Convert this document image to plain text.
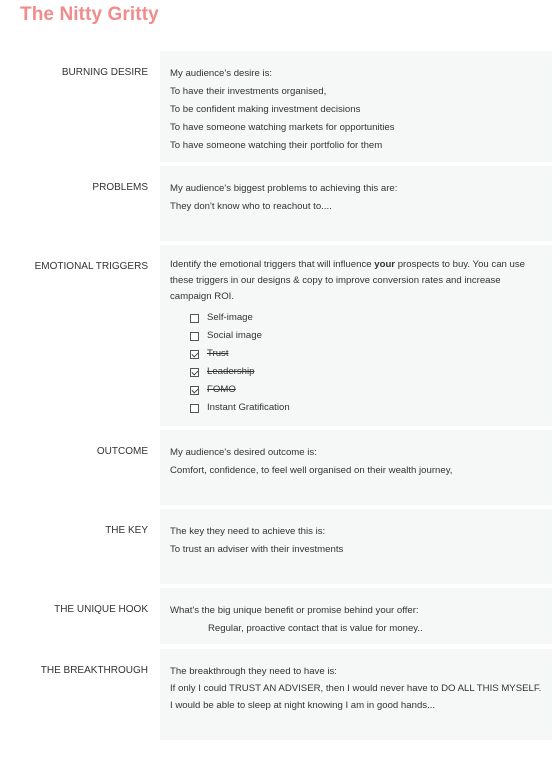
The Nitty Gritty
BURNING DESIRE My audience's desire is:

To have their investments organised,

To be confident making investment decisions

To have someone watching markets for opportunities

To have someone watching their portfolio for them

PROBLEMS My audience's biggest problems to achieving this are:

They don't know who to reachout to....

EMOTIONAL TRIGGERS Identify the emotional triggers that will influence your prospects to buy. You can use these triggers in our designs & copy to improve conversion rates and increase campaign ROI.

Self-image
Social image
Trust
Leadership
FOMO
Instant Gratification
OUTCOME My audience's desired outcome is:

Comfort, confidence, to feel well organised on their wealth journey,

THE KEY The key they need to achieve this is:

To trust an adviser with their investments

THE UNIQUE HOOK What's the big unique benefit or promise behind your offer:

Regular, proactive contact that is value for money..

THE BREAKTHROUGH The breakthrough they need to have is:

If only I could TRUST AN ADVISER, then I would never have to DO ALL THIS MYSELF.

I would be able to sleep at night knowing I am in good hands...
